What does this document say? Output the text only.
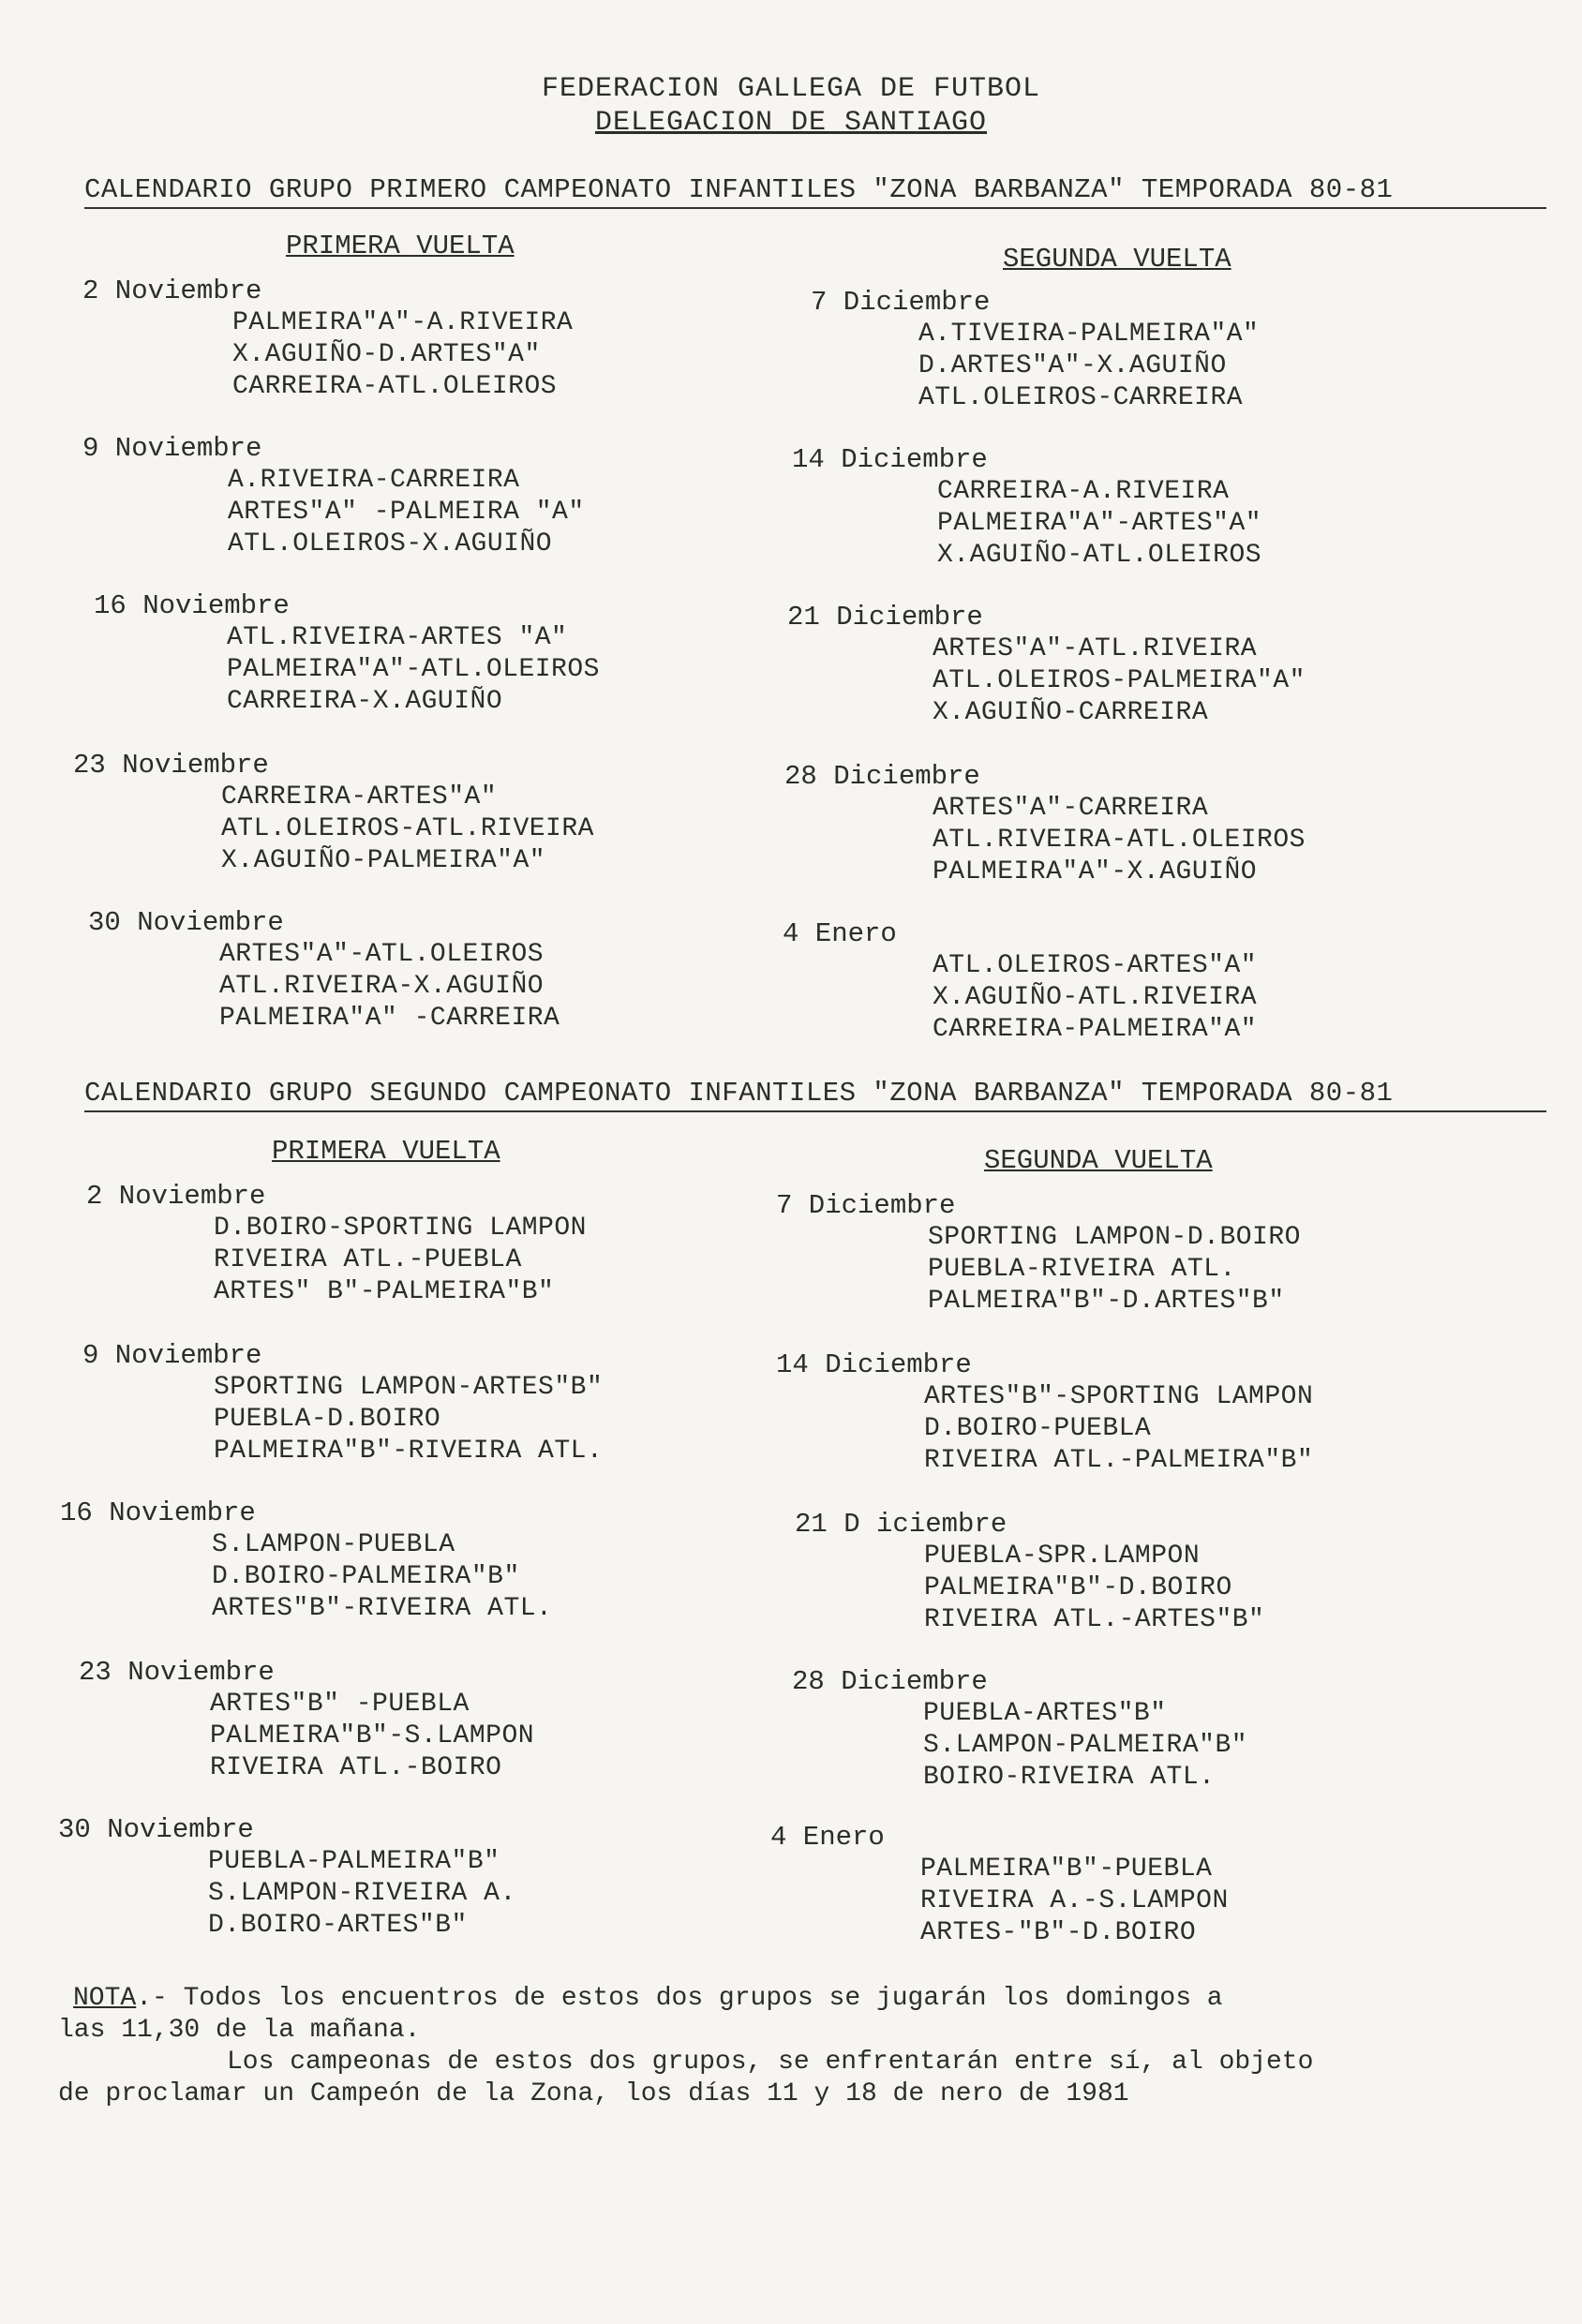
FEDERACION GALLEGA DE FUTBOL
DELEGACION DE SANTIAGO
CALENDARIO GRUPO PRIMERO CAMPEONATO INFANTILES "ZONA BARBANZA" TEMPORADA 80-81
PRIMERA VUELTA	SEGUNDA VUELTA
2 Noviembre
PALMEIRA"A"-A.RIVEIRA
X.AGUIÑO-D.ARTES"A"
CARREIRA-ATL.OLEIROS
9 Noviembre
A.RIVEIRA-CARREIRA
ARTES"A" -PALMEIRA "A"
ATL.OLEIROS-X.AGUIÑO
16 Noviembre
ATL.RIVEIRA-ARTES "A"
PALMEIRA"A"-ATL.OLEIROS
CARREIRA-X.AGUIÑO
23 Noviembre
CARREIRA-ARTES"A"
ATL.OLEIROS-ATL.RIVEIRA
X.AGUIÑO-PALMEIRA"A"
30 Noviembre
ARTES"A"-ATL.OLEIROS
ATL.RIVEIRA-X.AGUIÑO
PALMEIRA"A" -CARREIRA
7 Diciembre
A.TIVEIRA-PALMEIRA"A"
D.ARTES"A"-X.AGUIÑO
ATL.OLEIROS-CARREIRA
14 Diciembre
CARREIRA-A.RIVEIRA
PALMEIRA"A"-ARTES"A"
X.AGUIÑO-ATL.OLEIROS
21 Diciembre
ARTES"A"-ATL.RIVEIRA
ATL.OLEIROS-PALMEIRA"A"
X.AGUIÑO-CARREIRA
28 Diciembre
ARTES"A"-CARREIRA
ATL.RIVEIRA-ATL.OLEIROS
PALMEIRA"A"-X.AGUIÑO
4 Enero
ATL.OLEIROS-ARTES"A"
X.AGUIÑO-ATL.RIVEIRA
CARREIRA-PALMEIRA"A"
CALENDARIO GRUPO SEGUNDO CAMPEONATO INFANTILES "ZONA BARBANZA" TEMPORADA 80-81
PRIMERA VUELTA	SEGUNDA VUELTA
2 Noviembre
D.BOIRO-SPORTING LAMPON
RIVEIRA ATL.-PUEBLA
ARTES" B"-PALMEIRA"B"
9 Noviembre
SPORTING LAMPON-ARTES"B"
PUEBLA-D.BOIRO
PALMEIRA"B"-RIVEIRA ATL.
16 Noviembre
S.LAMPON-PUEBLA
D.BOIRO-PALMEIRA"B"
ARTES"B"-RIVEIRA ATL.
23 Noviembre
ARTES"B" -PUEBLA
PALMEIRA"B"-S.LAMPON
RIVEIRA ATL.-BOIRO
30 Noviembre
PUEBLA-PALMEIRA"B"
S.LAMPON-RIVEIRA A.
D.BOIRO-ARTES"B"
7 Diciembre
SPORTING LAMPON-D.BOIRO
PUEBLA-RIVEIRA ATL.
PALMEIRA"B"-D.ARTES"B"
14 Diciembre
ARTES"B"-SPORTING LAMPON
D.BOIRO-PUEBLA
RIVEIRA ATL.-PALMEIRA"B"
21 D iciembre
PUEBLA-SPR.LAMPON
PALMEIRA"B"-D.BOIRO
RIVEIRA ATL.-ARTES"B"
28 Diciembre
PUEBLA-ARTES"B"
S.LAMPON-PALMEIRA"B"
BOIRO-RIVEIRA ATL.
4 Enero
PALMEIRA"B"-PUEBLA
RIVEIRA A.-S.LAMPON
ARTES-"B"-D.BOIRO
NOTA.- Todos los encuentros de estos dos grupos se jugarán los domingos a
las 11,30 de la mañana.
Los campeonas de estos dos grupos, se enfrentarán entre sí, al objeto
de proclamar un Campeón de la Zona, los días 11 y 18 de nero de 1981
